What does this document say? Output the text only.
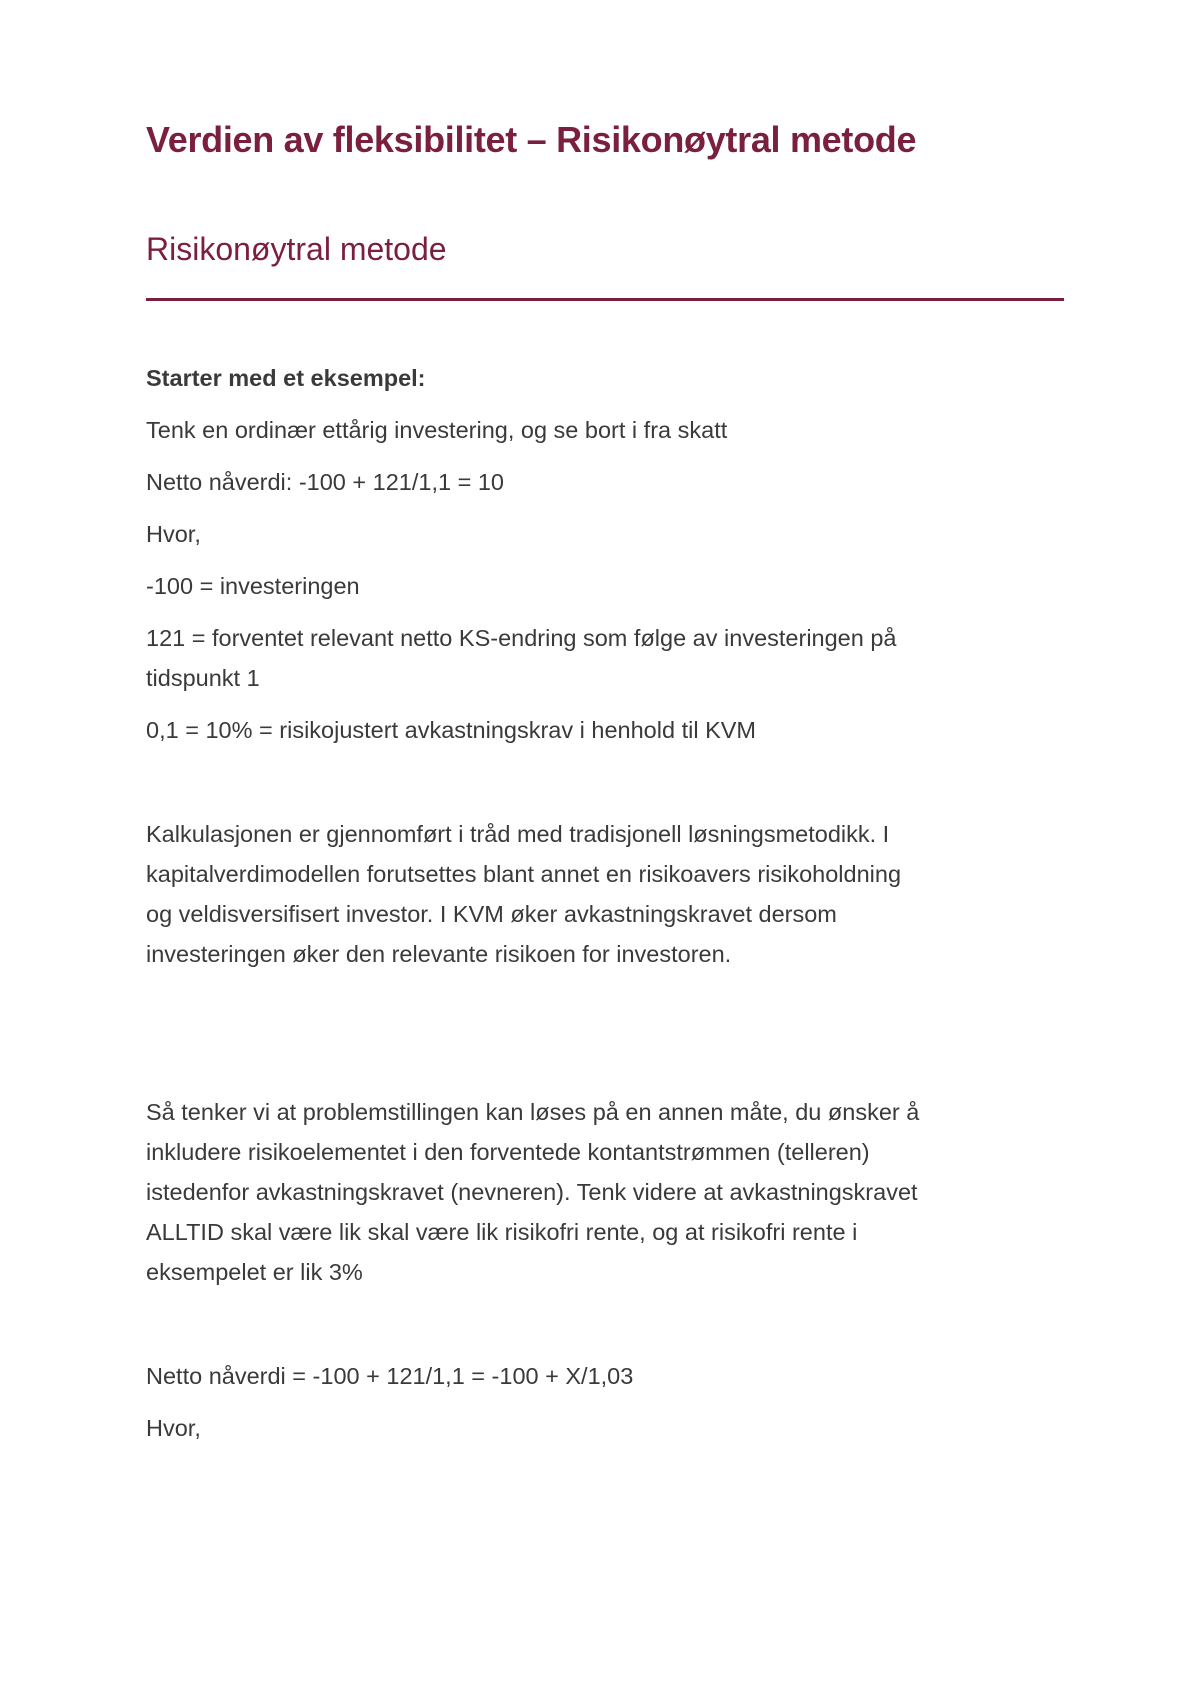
Verdien av fleksibilitet – Risikonøytral metode
Risikonøytral metode

Starter med et eksempel:

Tenk en ordinær ettårig investering, og se bort i fra skatt

Netto nåverdi: -100 + 121/1,1 = 10

Hvor,

-100 = investeringen

121 = forventet relevant netto KS-endring som følge av investeringen på

tidspunkt 1

0,1 = 10% = risikojustert avkastningskrav i henhold til KVM

Kalkulasjonen er gjennomført i tråd med tradisjonell løsningsmetodikk. I

kapitalverdimodellen forutsettes blant annet en risikoavers risikoholdning

og veldisversifisert investor. I KVM øker avkastningskravet dersom

investeringen øker den relevante risikoen for investoren.

Så tenker vi at problemstillingen kan løses på en annen måte, du ønsker å

inkludere risikoelementet i den forventede kontantstrømmen (telleren)

istedenfor avkastningskravet (nevneren). Tenk videre at avkastningskravet

ALLTID skal være lik skal være lik risikofri rente, og at risikofri rente i

eksempelet er lik 3%

Netto nåverdi = -100 + 121/1,1 = -100 + X/1,03

Hvor,
